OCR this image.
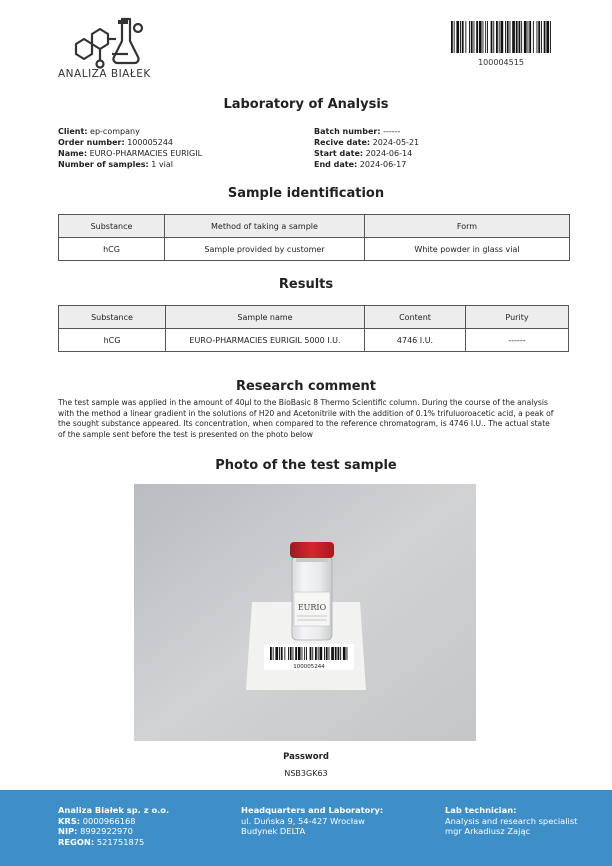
ANALIZA BIAŁEK
100004515
Laboratory of Analysis
Client: ep-company
Order number: 100005244
Name: EURO-PHARMACIES EURIGIL
Number of samples: 1 vial
Batch number: ------
Recive date: 2024-05-21
Start date: 2024-06-14
End date: 2024-06-17
Sample identification
Substance	Method of taking a sample	Form
hCG	Sample provided by customer	White powder in glass vial
Results
Substance	Sample name	Content	Purity
hCG	EURO-PHARMACIES EURIGIL 5000 I.U.	4746 I.U.	------
Research comment
The test sample was applied in the amount of 40µl to the BioBasic 8 Thermo Scientific column. During the course of the analysis with the method a linear gradient in the solutions of H20 and Acetonitrile with the addition of 0.1% trifuluoroacetic acid, a peak of the sought substance appeared. Its concentration, when compared to the reference chromatogram, is 4746 I.U.. The actual state of the sample sent before the test is presented on the photo below
Photo of the test sample
EURIO
100005244
Password
NSB3GK63
Analiza Białek sp. z o.o.
KRS: 0000966168
NIP: 8992922970
REGON: 521751875
Headquarters and Laboratory:
ul. Duńska 9, 54-427 Wrocław
Budynek DELTA
Lab technician:
Analysis and research specialist
mgr Arkadiusz Zając
